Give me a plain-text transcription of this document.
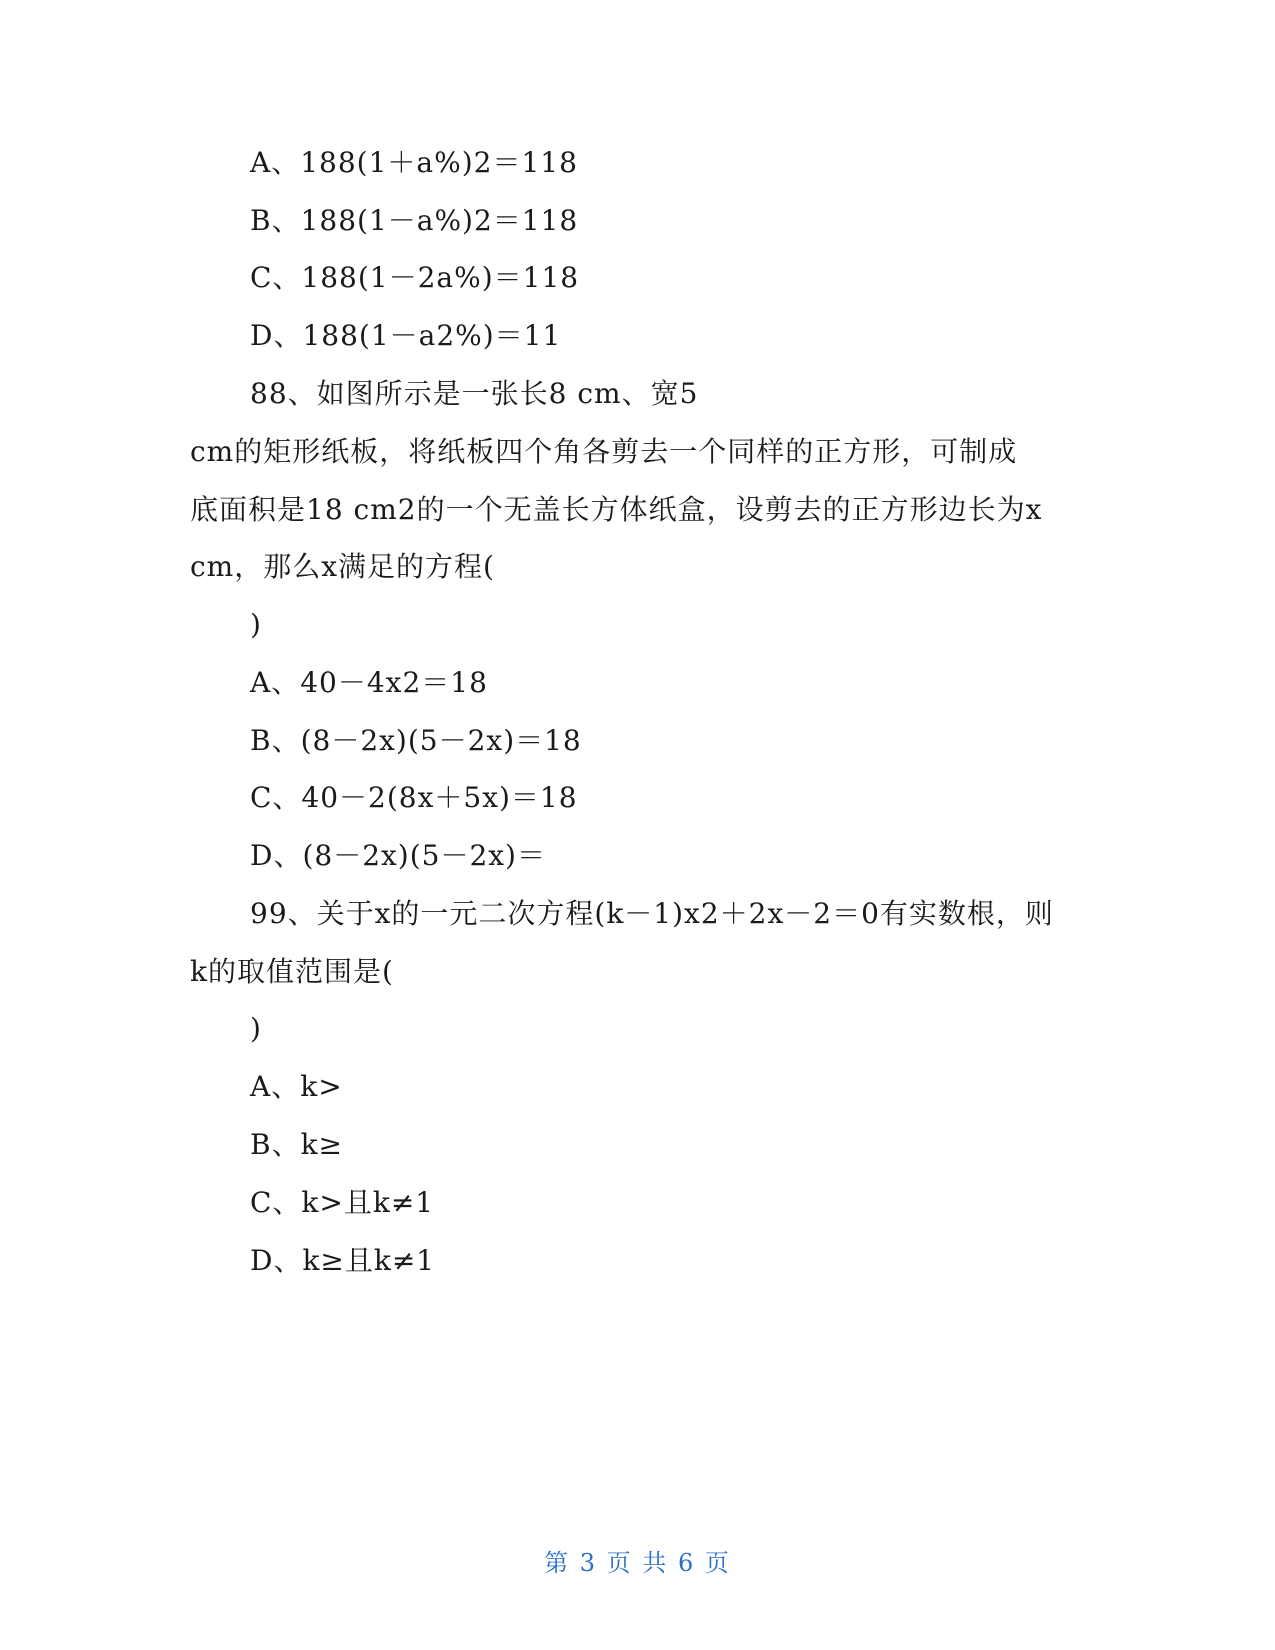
A、188(1＋a%)2＝118
B、188(1－a%)2＝118
C、188(1－2a%)＝118
D、188(1－a2%)＝11
88、如图所示是一张长8 cm、宽5
cm的矩形纸板，将纸板四个角各剪去一个同样的正方形，可制成
底面积是18 cm2的一个无盖长方体纸盒，设剪去的正方形边长为x
cm，那么x满足的方程(
)
A、40－4x2＝18
B、(8－2x)(5－2x)＝18
C、40－2(8x＋5x)＝18
D、(8－2x)(5－2x)＝
99、关于x的一元二次方程(k－1)x2＋2x－2＝0有实数根，则
k的取值范围是(
)
A、k>
B、k≥
C、k>且k≠1
D、k≥且k≠1
第 3 页 共 6 页
